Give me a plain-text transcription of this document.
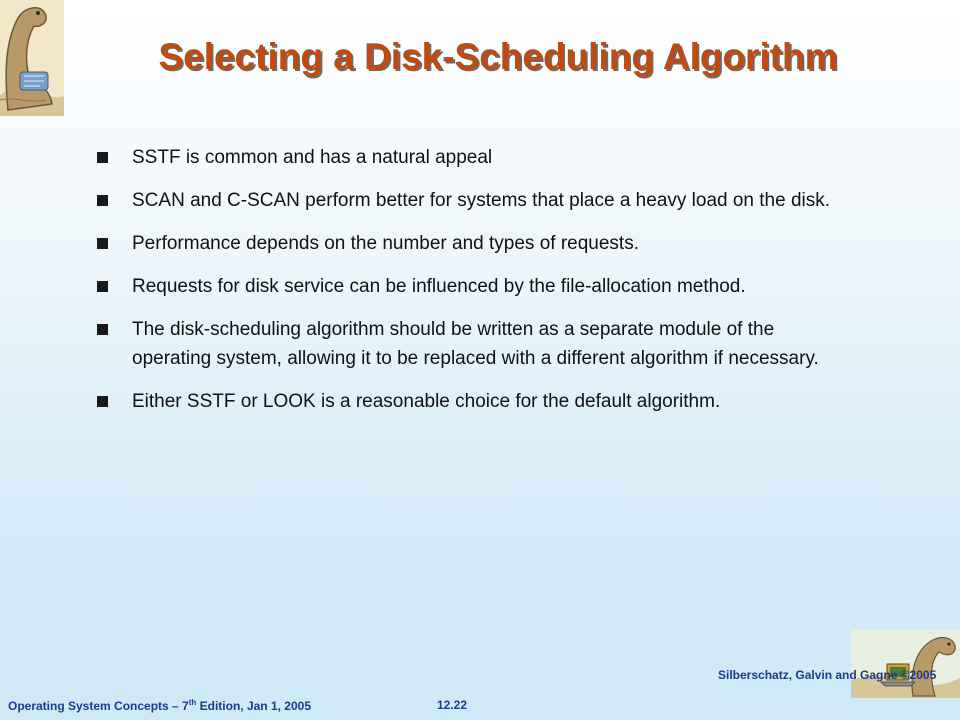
Selecting a Disk-Scheduling Algorithm
SSTF is common and has a natural appeal
SCAN and C-SCAN perform better for systems that place a heavy load on the disk.
Performance depends on the number and types of requests.
Requests for disk service can be influenced by the file-allocation method.
The disk-scheduling algorithm should be written as a separate module of the operating system, allowing it to be replaced with a different algorithm if necessary.
Either SSTF or LOOK is a reasonable choice for the default algorithm.
Operating System Concepts – 7th Edition, Jan 1, 2005	12.22
Silberschatz, Galvin and Gagne ©2005
